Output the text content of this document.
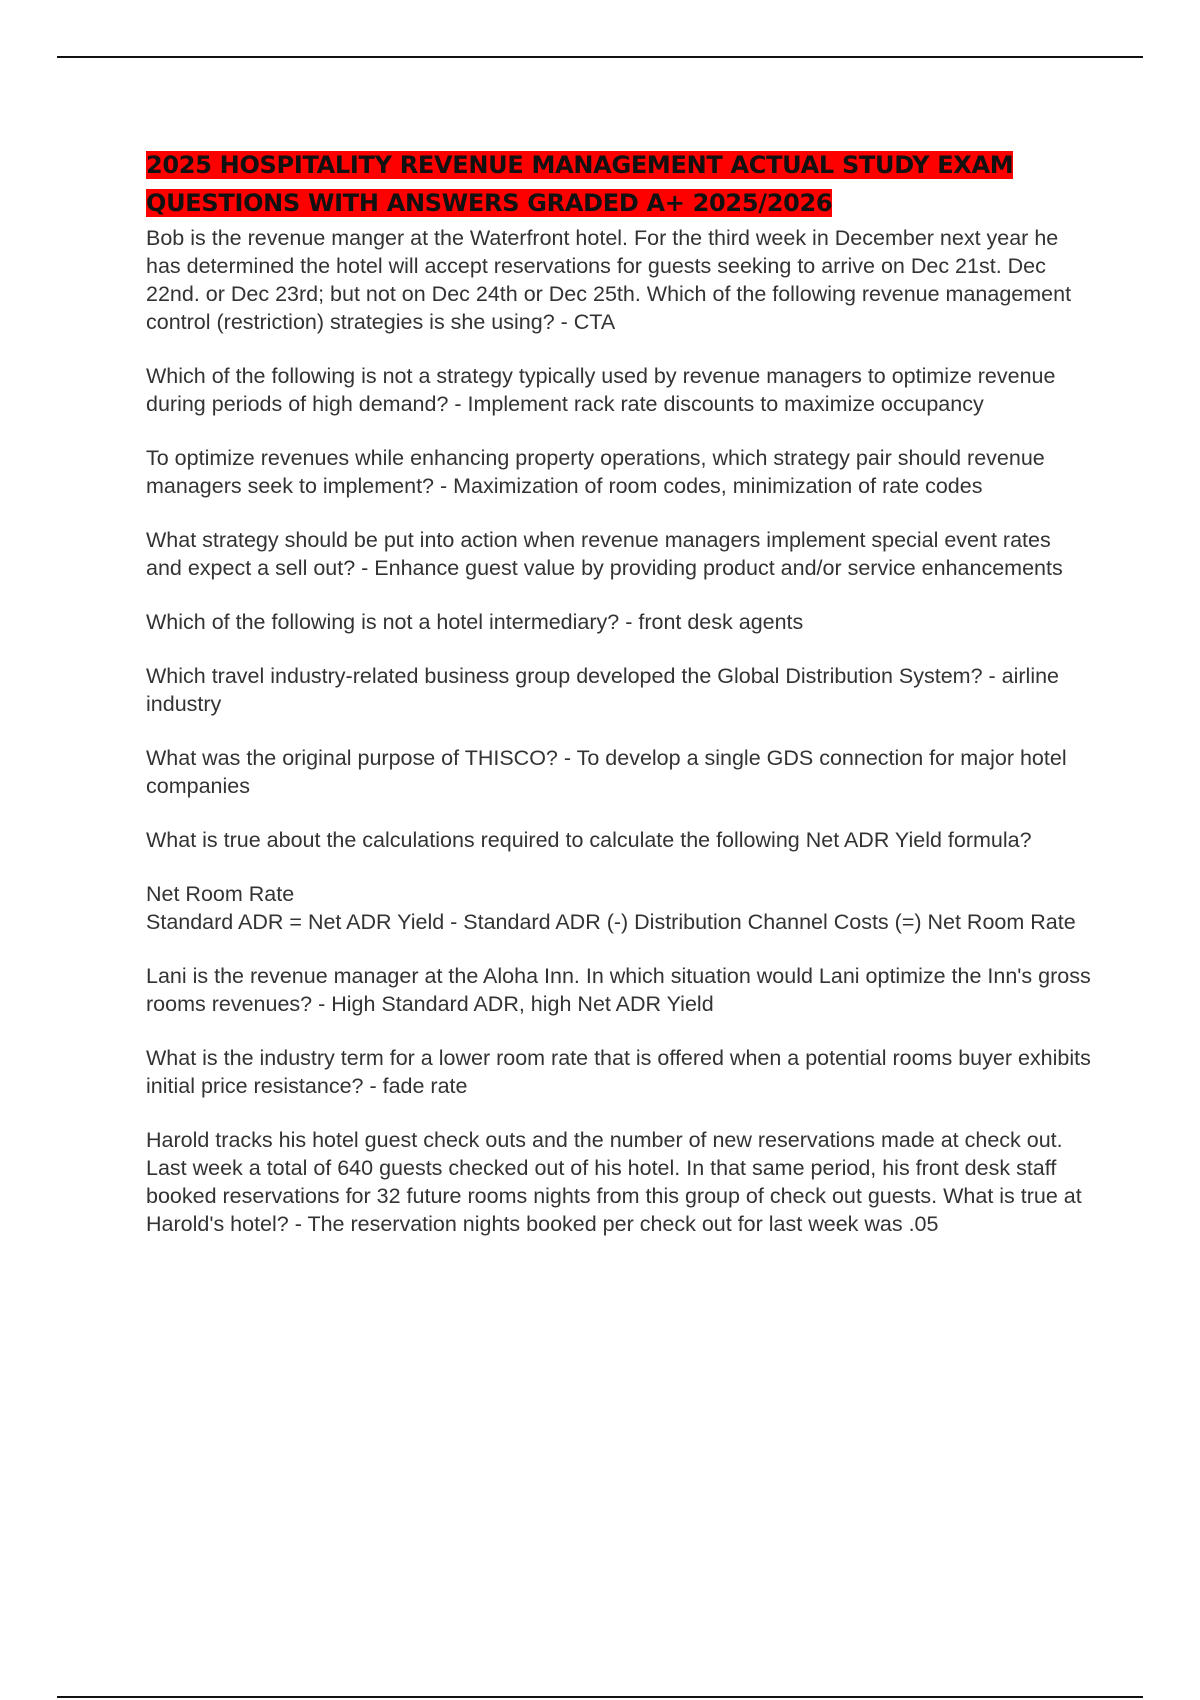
2025 HOSPITALITY REVENUE MANAGEMENT ACTUAL STUDY EXAM QUESTIONS WITH ANSWERS GRADED A+ 2025/2026

Bob is the revenue manger at the Waterfront hotel. For the third week in December next year he has determined the hotel will accept reservations for guests seeking to arrive on Dec 21st. Dec 22nd. or Dec 23rd; but not on Dec 24th or Dec 25th. Which of the following revenue management control (restriction) strategies is she using? - CTA

Which of the following is not a strategy typically used by revenue managers to optimize revenue during periods of high demand? - Implement rack rate discounts to maximize occupancy

To optimize revenues while enhancing property operations, which strategy pair should revenue managers seek to implement? - Maximization of room codes, minimization of rate codes

What strategy should be put into action when revenue managers implement special event rates and expect a sell out? - Enhance guest value by providing product and/or service enhancements

Which of the following is not a hotel intermediary? - front desk agents

Which travel industry-related business group developed the Global Distribution System? - airline industry

What was the original purpose of THISCO? - To develop a single GDS connection for major hotel companies

What is true about the calculations required to calculate the following Net ADR Yield formula?

Net Room Rate
Standard ADR = Net ADR Yield - Standard ADR (-) Distribution Channel Costs (=) Net Room Rate

Lani is the revenue manager at the Aloha Inn. In which situation would Lani optimize the Inn's gross rooms revenues? - High Standard ADR, high Net ADR Yield

What is the industry term for a lower room rate that is offered when a potential rooms buyer exhibits initial price resistance? - fade rate

Harold tracks his hotel guest check outs and the number of new reservations made at check out. Last week a total of 640 guests checked out of his hotel. In that same period, his front desk staff booked reservations for 32 future rooms nights from this group of check out guests. What is true at Harold's hotel? - The reservation nights booked per check out for last week was .05
